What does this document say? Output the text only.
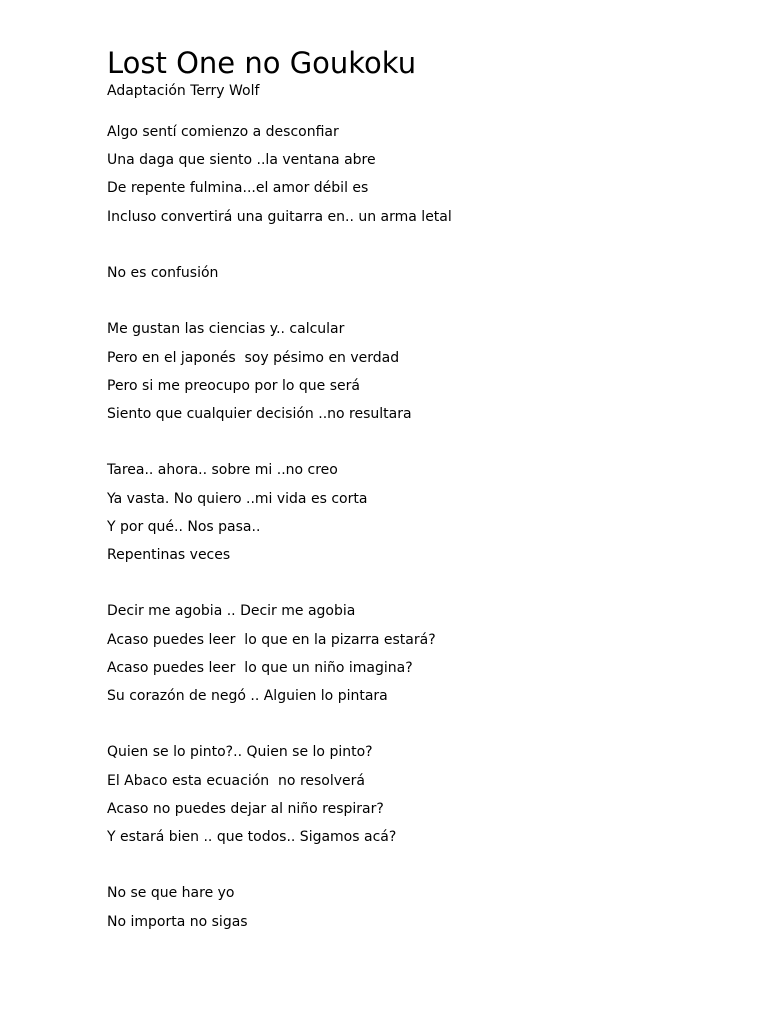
Lost One no Goukoku

Adaptación Terry Wolf

Algo sentí comienzo a desconfiar

Una daga que siento ..la ventana abre

De repente fulmina...el amor débil es

Incluso convertirá una guitarra en.. un arma letal

No es confusión

Me gustan las ciencias y.. calcular

Pero en el japonés  soy pésimo en verdad

Pero si me preocupo por lo que será

Siento que cualquier decisión ..no resultara

Tarea.. ahora.. sobre mi ..no creo

Ya vasta. No quiero ..mi vida es corta

Y por qué.. Nos pasa..

Repentinas veces

Decir me agobia .. Decir me agobia

Acaso puedes leer  lo que en la pizarra estará?

Acaso puedes leer  lo que un niño imagina?

Su corazón de negó .. Alguien lo pintara

Quien se lo pinto?.. Quien se lo pinto?

El Abaco esta ecuación  no resolverá

Acaso no puedes dejar al niño respirar?

Y estará bien .. que todos.. Sigamos acá?

No se que hare yo

No importa no sigas
